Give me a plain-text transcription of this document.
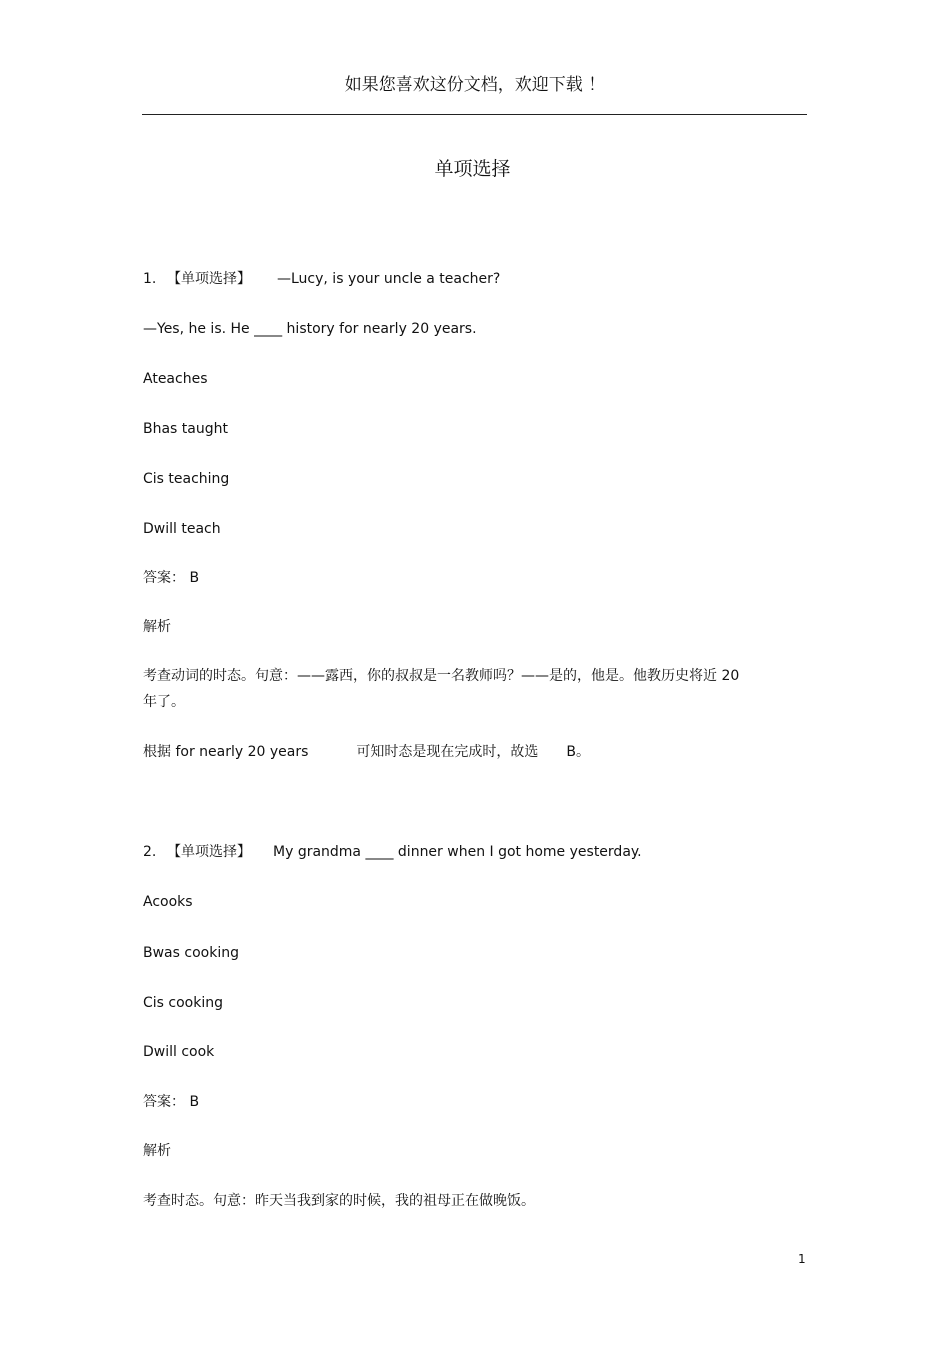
如果您喜欢这份文档，欢迎下载 ！
单项选择
1. 【单项选择】 —Lucy, is your uncle a teacher?
—Yes, he is. He ____ history for nearly 20 years.
Ateaches
Bhas taught
Cis teaching
Dwill teach
答案： B
解析
考查动词的时态。句意：——露西，你的叔叔是一名教师吗？——是的，他是。他教历史将近 20 年了。
根据 for nearly 20 years	可知时态是现在完成时，故选 B。
2. 【单项选择】 My grandma ____ dinner when I got home yesterday.
Acooks
Bwas cooking
Cis cooking
Dwill cook
答案： B
解析
考查时态。句意：昨天当我到家的时候，我的祖母正在做晚饭。
1
